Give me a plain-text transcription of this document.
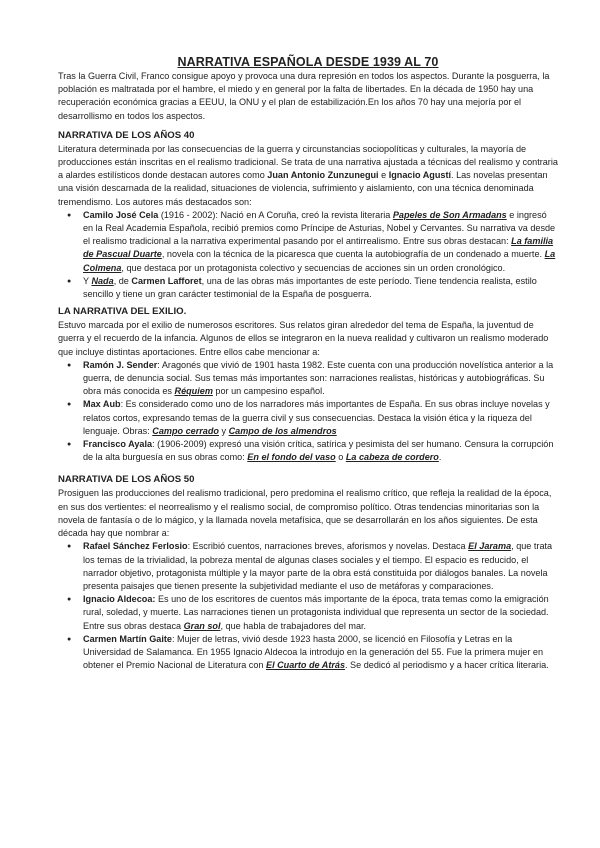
NARRATIVA ESPAÑOLA DESDE 1939 AL 70

Tras la Guerra Civil, Franco consigue apoyo y provoca una dura represión en todos los aspectos. Durante la posguerra, la población es maltratada por el hambre, el miedo y en general por la falta de libertades. En la década de 1950 hay una recuperación económica gracias a EEUU, la ONU y el plan de estabilización.En los años 70 hay una mejoría por el desarrollismo en todos los aspectos.

NARRATIVA DE LOS AÑOS 40

Literatura determinada por las consecuencias de la guerra y circunstancias sociopolíticas y culturales, la mayoría de producciones están inscritas en el realismo tradicional. Se trata de una narrativa ajustada a técnicas del realismo y contraria a alardes estilísticos donde destacan autores como Juan Antonio Zunzunegui e Ignacio Agustí. Las novelas presentan una visión descarnada de la realidad, situaciones de violencia, sufrimiento y aislamiento, con una técnica denominada tremendismo. Los autores más destacados son:

● Camilo José Cela (1916 - 2002): Nació en A Coruña, creó la revista literaria Papeles de Son Armadans e ingresó en la Real Academia Española, recibió premios como Príncipe de Asturias, Nobel y Cervantes. Su narrativa va desde el realismo tradicional a la narrativa experimental pasando por el antirrealismo. Entre sus obras destacan: La familia de Pascual Duarte, novela con la técnica de la picaresca que cuenta la autobiografía de un condenado a muerte. La Colmena, que destaca por un protagonista colectivo y secuencias de acciones sin un orden cronológico.
● Y Nada, de Carmen Lafforet, una de las obras más importantes de este período. Tiene tendencia realista, estilo sencillo y tiene un gran carácter testimonial de la España de posguerra.
LA NARRATIVA DEL EXILIO.

Estuvo marcada por el exilio de numerosos escritores. Sus relatos giran alrededor del tema de España, la juventud de guerra y el recuerdo de la infancia. Algunos de ellos se integraron en la nueva realidad y cultivaron un realismo moderado que incluye distintas aportaciones. Entre ellos cabe mencionar a:

● Ramón J. Sender: Aragonés que vivió de 1901 hasta 1982. Este cuenta con una producción novelística anterior a la guerra, de denuncia social. Sus temas más importantes son: narraciones realistas, históricas y autobiográficas. Su obra más conocida es Réquiem por un campesino español.
● Max Aub: Es considerado como uno de los narradores más importantes de España. En sus obras incluye novelas y relatos cortos, expresando temas de la guerra civil y sus consecuencias. Destaca la visión ética y la riqueza del lenguaje. Obras: Campo cerrado y Campo de los almendros
● Francisco Ayala: (1906-2009) expresó una visión crítica, satírica y pesimista del ser humano. Censura la corrupción de la alta burguesía en sus obras como: En el fondo del vaso o La cabeza de cordero.
NARRATIVA DE LOS AÑOS 50

Prosiguen las producciones del realismo tradicional, pero predomina el realismo crítico, que refleja la realidad de la época, en sus dos vertientes: el neorrealismo y el realismo social, de compromiso político. Otras tendencias minoritarias son la novela de fantasía o de lo mágico, y la llamada novela metafísica, que se desarrollarán en los años siguientes. De esta década hay que nombrar a:

● Rafael Sánchez Ferlosio: Escribió cuentos, narraciones breves, aforismos y novelas. Destaca El Jarama, que trata los temas de la trivialidad, la pobreza mental de algunas clases sociales y el tiempo. El espacio es reducido, el narrador objetivo, protagonista múltiple y la mayor parte de la obra está constituida por diálogos banales. La novela presenta paisajes que tienen presente la subjetividad mediante el uso de metáforas y comparaciones.
● Ignacio Aldecoa: Es uno de los escritores de cuentos más importante de la época, trata temas como la emigración rural, soledad, y muerte. Las narraciones tienen un protagonista individual que representa un sector de la sociedad. Entre sus obras destaca Gran sol, que habla de trabajadores del mar.
● Carmen Martín Gaite: Mujer de letras, vivió desde 1923 hasta 2000, se licenció en Filosofía y Letras en la Universidad de Salamanca. En 1955 Ignacio Aldecoa la introdujo en la generación del 55. Fue la primera mujer en obtener el Premio Nacional de Literatura con El Cuarto de Atrás. Se dedicó al periodismo y a hacer crítica literaria.
